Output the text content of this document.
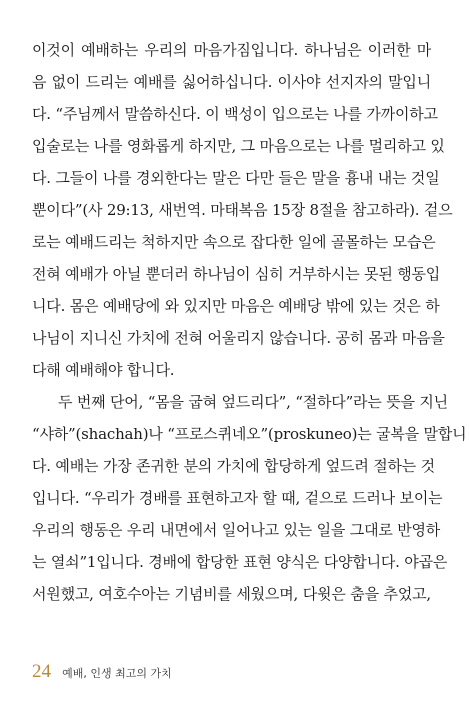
이것이 예배하는 우리의 마음가짐입니다. 하나님은 이러한 마
음 없이 드리는 예배를 싫어하십니다. 이사야 선지자의 말입니
다. “주님께서 말씀하신다. 이 백성이 입으로는 나를 가까이하고
입술로는 나를 영화롭게 하지만, 그 마음으로는 나를 멀리하고 있
다. 그들이 나를 경외한다는 말은 다만 들은 말을 흉내 내는 것일
뿐이다”(사 29:13, 새번역. 마태복음 15장 8절을 참고하라). 겉으
로는 예배드리는 척하지만 속으로 잡다한 일에 골몰하는 모습은
전혀 예배가 아닐 뿐더러 하나님이 심히 거부하시는 못된 행동입
니다. 몸은 예배당에 와 있지만 마음은 예배당 밖에 있는 것은 하
나님이 지니신 가치에 전혀 어울리지 않습니다. 공히 몸과 마음을
다해 예배해야 합니다.
두 번째 단어, “몸을 굽혀 엎드리다”, “절하다”라는 뜻을 지닌
“샤하”(shachah)나 “프로스퀴네오”(proskuneo)는 굴복을 말합니
다. 예배는 가장 존귀한 분의 가치에 합당하게 엎드려 절하는 것
입니다. “우리가 경배를 표현하고자 할 때, 겉으로 드러나 보이는
우리의 행동은 우리 내면에서 일어나고 있는 일을 그대로 반영하
는 열쇠”1입니다. 경배에 합당한 표현 양식은 다양합니다. 야곱은
서원했고, 여호수아는 기념비를 세웠으며, 다윗은 춤을 추었고,
24 예배, 인생 최고의 가치
